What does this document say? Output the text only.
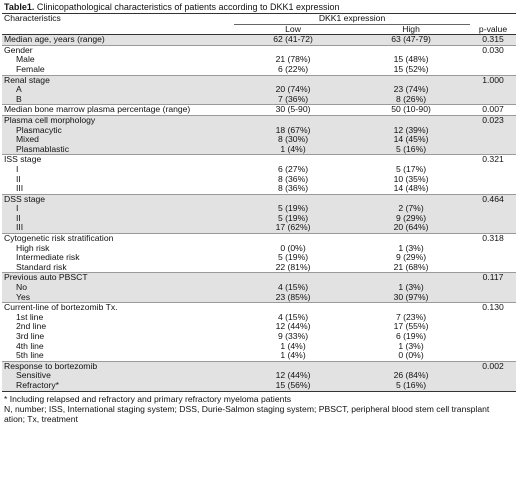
Table1. Clinicopathological characteristics of patients according to DKK1 expression
Characteristics	DKK1 expression		
	Low	High	p-value
Median age, years (range)	62 (41-72)	63 (47-79)	0.315
Gender			0.030
Male	21 (78%)	15 (48%)	
Female	6 (22%)	15 (52%)	
Renal stage			1.000
A	20 (74%)	23 (74%)	
B	7 (36%)	8 (26%)	
Median bone marrow plasma percentage (range)	30 (5-90)	50 (10-90)	0.007
Plasma cell morphology			0.023
Plasmacytic	18 (67%)	12 (39%)	
Mixed	8 (30%)	14 (45%)	
Plasmablastic	1 (4%)	5 (16%)	
ISS stage			0.321
I	6 (27%)	5 (17%)	
II	8 (36%)	10 (35%)	
III	8 (36%)	14 (48%)	
DSS stage			0.464
I	5 (19%)	2 (7%)	
II	5 (19%)	9 (29%)	
III	17 (62%)	20 (64%)	
Cytogenetic risk stratification			0.318
High risk	0 (0%)	1 (3%)	
Intermediate risk	5 (19%)	9 (29%)	
Standard risk	22 (81%)	21 (68%)	
Previous auto PBSCT			0.117
No	4 (15%)	1 (3%)	
Yes	23 (85%)	30 (97%)	
Current-line of bortezomib Tx.			0.130
1st line	4 (15%)	7 (23%)	
2nd line	12 (44%)	17 (55%)	
3rd line	9 (33%)	6 (19%)	
4th line	1 (4%)	1 (3%)	
5th line	1 (4%)	0 (0%)	
Response to bortezomib			0.002
Sensitive	12 (44%)	26 (84%)	
Refractory*	15 (56%)	5 (16%)	
* Including relapsed and refractory and primary refractory myeloma patients
N, number; ISS, International staging system; DSS, Durie-Salmon staging system; PBSCT, peripheral blood stem cell transplant
ation; Tx, treatment
